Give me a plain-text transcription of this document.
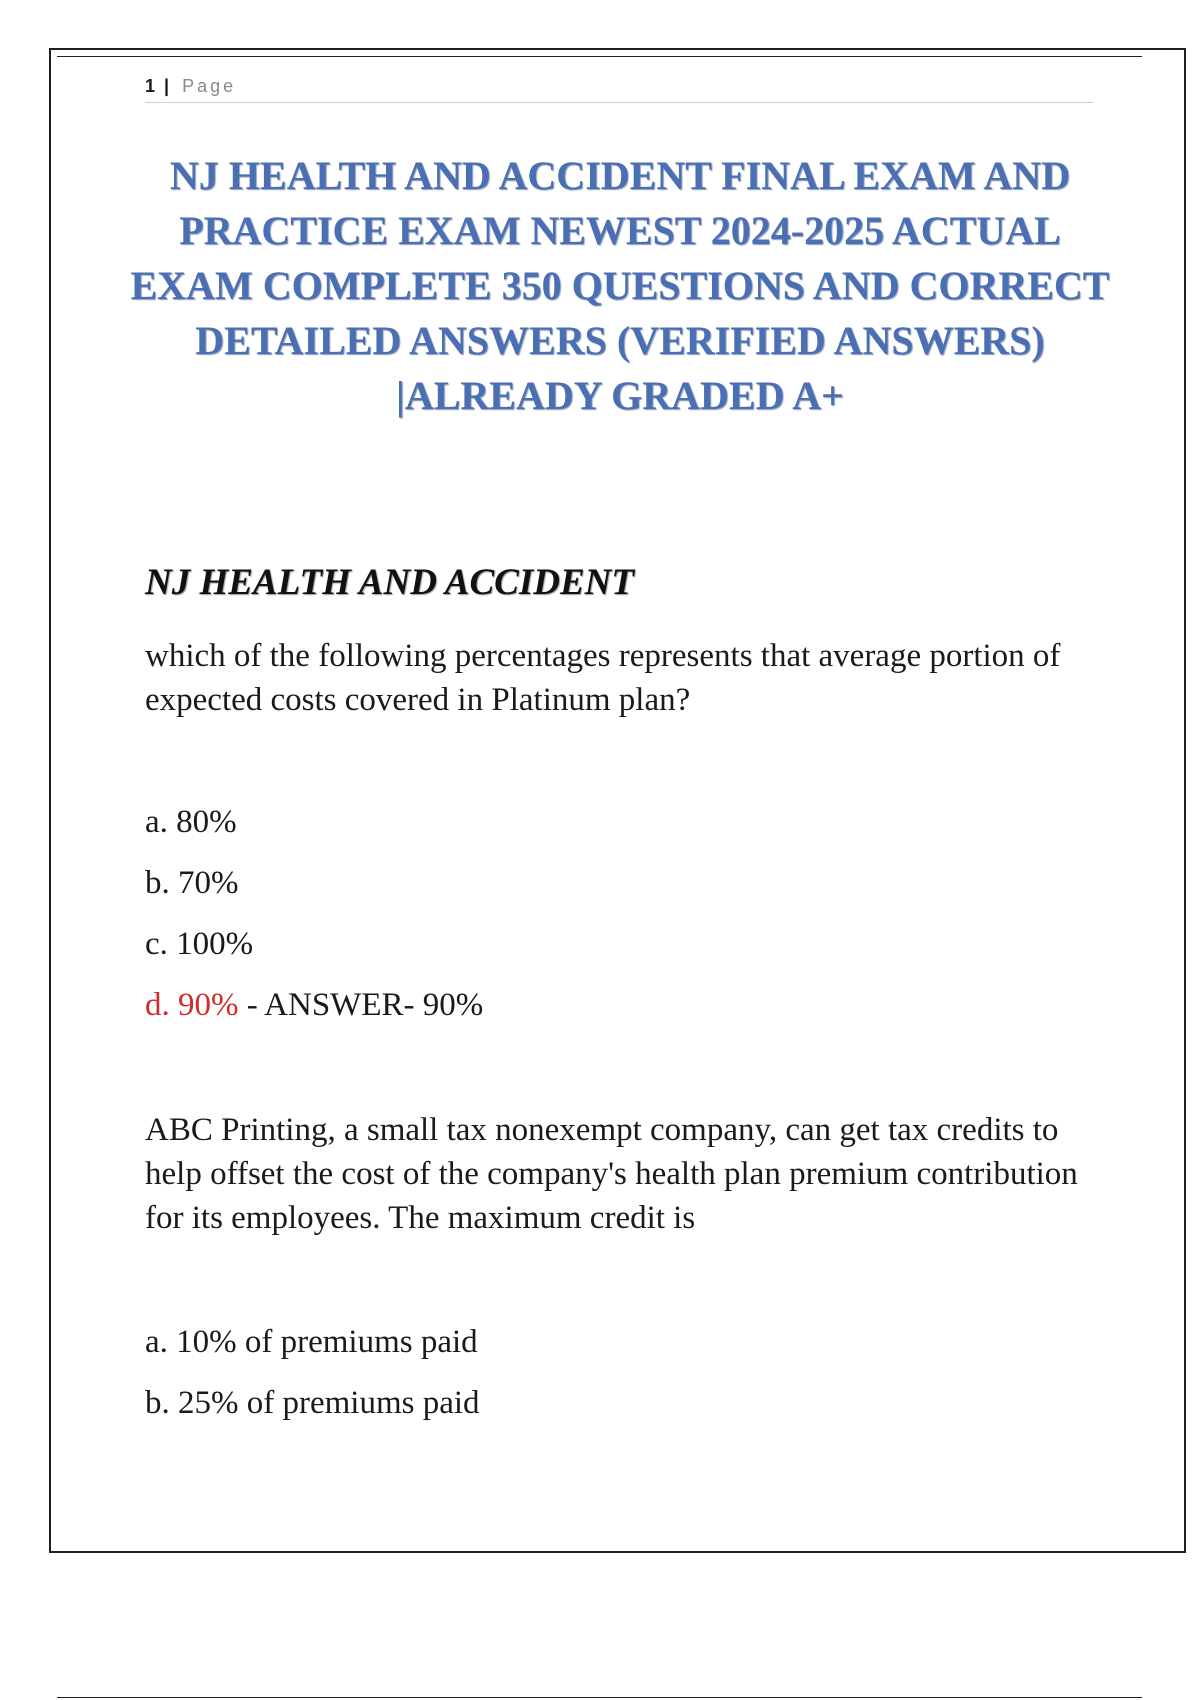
1 | Page
NJ HEALTH AND ACCIDENT FINAL EXAM AND PRACTICE EXAM NEWEST 2024-2025 ACTUAL EXAM COMPLETE 350 QUESTIONS AND CORRECT DETAILED ANSWERS (VERIFIED ANSWERS) |ALREADY GRADED A+
NJ HEALTH AND ACCIDENT

which of the following percentages represents that average portion of expected costs covered in Platinum plan?

a. 80%

b. 70%

c. 100%

d. 90% - ANSWER- 90%

ABC Printing, a small tax nonexempt company, can get tax credits to help offset the cost of the company's health plan premium contribution for its employees. The maximum credit is

a. 10% of premiums paid

b. 25% of premiums paid
